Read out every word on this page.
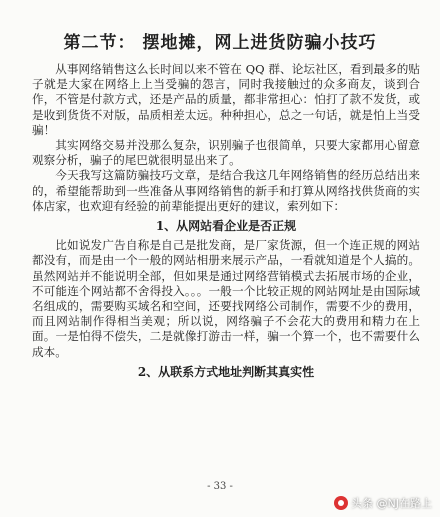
第二节： 摆地摊，网上进货防骗小技巧

从事网络销售这么长时间以来不管在 QQ 群、论坛社区，看到最多的贴子就是大家在网络上上当受骗的怨言，同时我接触过的众多商友，谈到合作，不管是付款方式，还是产品的质量，都非常担心：怕打了款不发货，或是收到货货不对版，品质相差太远。种种担心，总之一句话，就是怕上当受骗！

其实网络交易并没那么复杂，识别骗子也很简单，只要大家都用心留意观察分析，骗子的尾巴就很明显出来了。

今天我写这篇防骗技巧文章，是结合我这几年网络销售的经历总结出来的，希望能帮助到一些准备从事网络销售的新手和打算从网络找供货商的实体店家，也欢迎有经验的前辈能提出更好的建议，索列如下：

1、从网站看企业是否正规

比如说发广告自称是自己是批发商，是厂家货源，但一个连正规的网站都没有，而是由一个一般的网站相册来展示产品，一看就知道是个人搞的。虽然网站并不能说明全部，但如果是通过网络营销模式去拓展市场的企业，不可能连个网站都不舍得投入。。。一般一个比较正规的网站网址是由国际域名组成的，需要购买域名和空间，还要找网络公司制作，需要不少的费用，而且网站制作得相当美观；所以说，网络骗子不会花大的费用和精力在上面。一是怕得不偿失，二是就像打游击一样，骗一个算一个，也不需要什么成本。

2、从联系方式地址判断其真实性

- 33 -
头条 @NJ在路上
